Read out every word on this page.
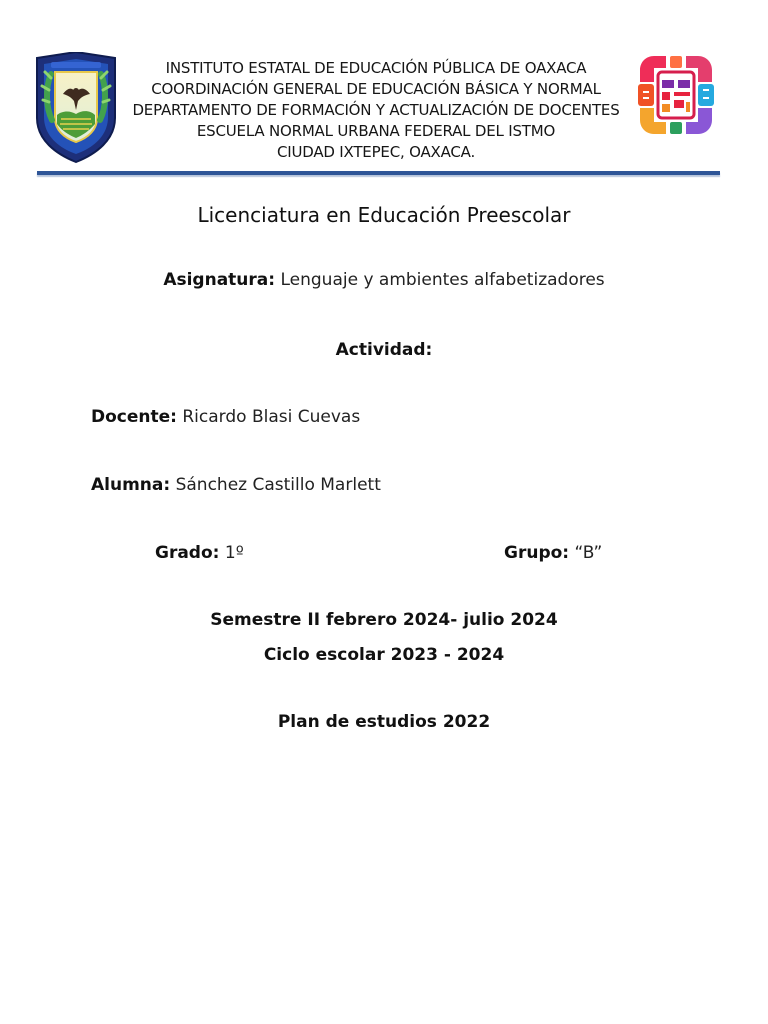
INSTITUTO ESTATAL DE EDUCACIÓN PÚBLICA DE OAXACA
COORDINACIÓN GENERAL DE EDUCACIÓN BÁSICA Y NORMAL
DEPARTAMENTO DE FORMACIÓN Y ACTUALIZACIÓN DE DOCENTES
ESCUELA NORMAL URBANA FEDERAL DEL ISTMO
CIUDAD IXTEPEC, OAXACA.
Licenciatura en Educación Preescolar
Asignatura: Lenguaje y ambientes alfabetizadores
Actividad:
Docente: Ricardo Blasi Cuevas
Alumna: Sánchez Castillo Marlett
Grado: 1º	Grupo: “B”
Semestre II febrero 2024- julio 2024
Ciclo escolar 2023 - 2024
Plan de estudios 2022
